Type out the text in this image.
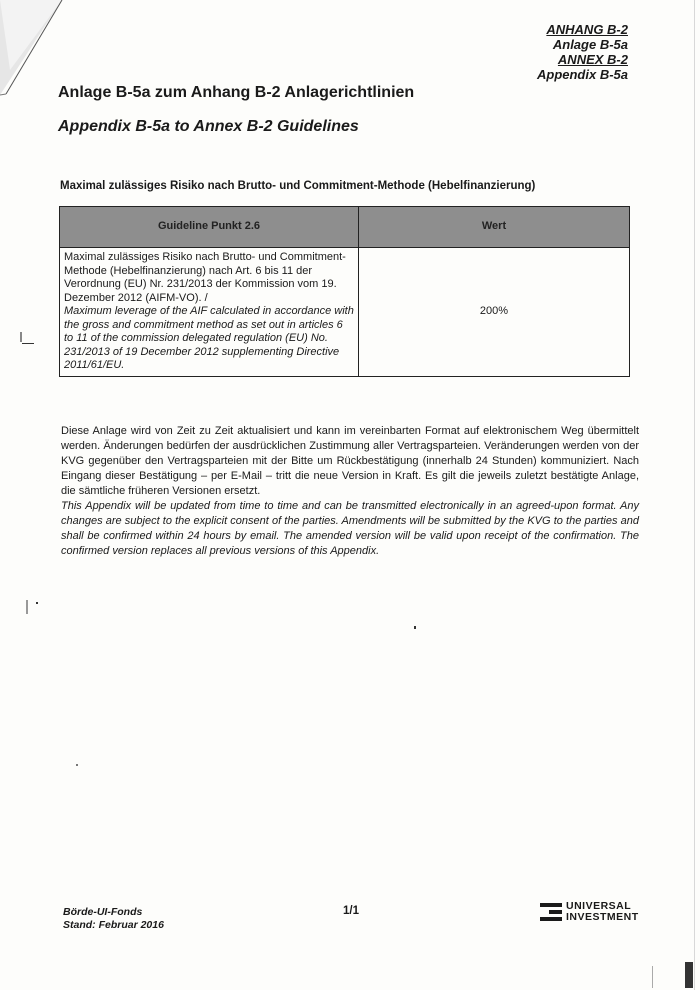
ANHANG B-2
Anlage B-5a
ANNEX B-2
Appendix B-5a
Anlage B-5a zum Anhang B-2 Anlagerichtlinien
Appendix B-5a to Annex B-2 Guidelines
Maximal zulässiges Risiko nach Brutto- und Commitment-Methode (Hebelfinanzierung)
Guideline Punkt 2.6	Wert
Maximal zulässiges Risiko nach Brutto- und Commitment-Methode (Hebelfinanzierung) nach Art. 6 bis 11 der Verordnung (EU) Nr. 231/2013 der Kommission vom 19. Dezember 2012 (AIFM-VO). /
Maximum leverage of the AIF calculated in accordance with the gross and commitment method as set out in articles 6 to 11 of the commission delegated regulation (EU) No. 231/2013 of 19 December 2012 supplementing Directive 2011/61/EU.	200%
Diese Anlage wird von Zeit zu Zeit aktualisiert und kann im vereinbarten Format auf elektronischem Weg übermittelt werden. Änderungen bedürfen der ausdrücklichen Zustimmung aller Vertragsparteien. Veränderungen werden von der KVG gegenüber den Vertragsparteien mit der Bitte um Rückbestätigung (innerhalb 24 Stunden) kommuniziert. Nach Eingang dieser Bestätigung – per E-Mail – tritt die neue Version in Kraft. Es gilt die jeweils zuletzt bestätigte Anlage, die sämtliche früheren Versionen ersetzt.
This Appendix will be updated from time to time and can be transmitted electronically in an agreed-upon format. Any changes are subject to the explicit consent of the parties. Amendments will be submitted by the KVG to the parties and shall be confirmed within 24 hours by email. The amended version will be valid upon receipt of the confirmation. The confirmed version replaces all previous versions of this Appendix.
Börde-UI-Fonds
Stand: Februar 2016
1/1	UNIVERSAL
INVESTMENT
